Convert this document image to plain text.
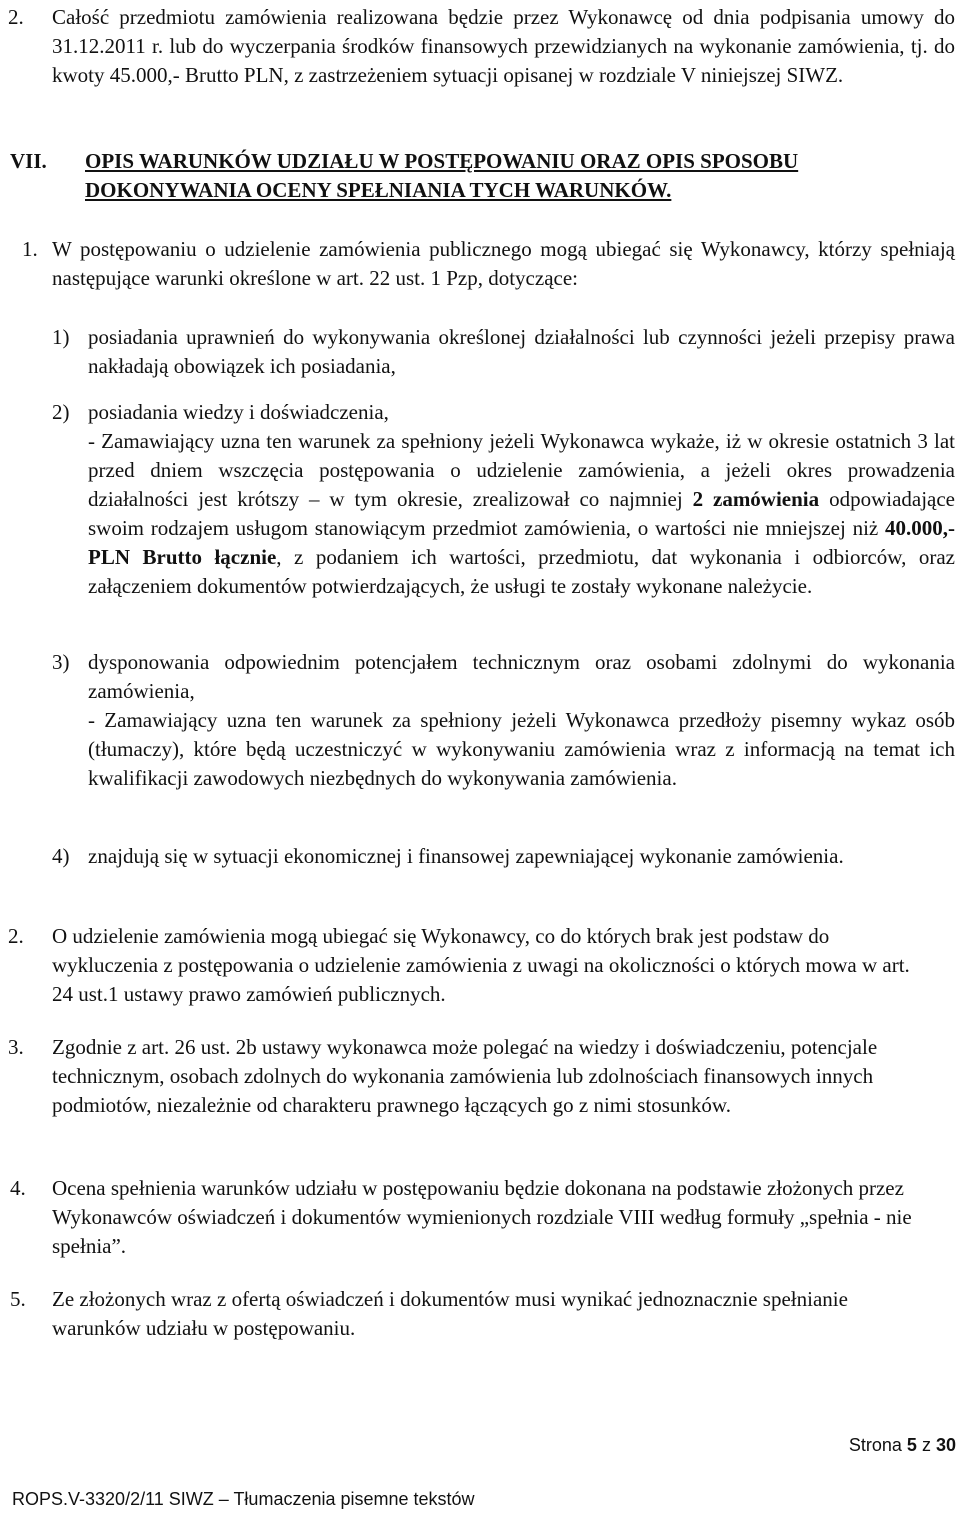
2. Całość przedmiotu zamówienia realizowana będzie przez Wykonawcę od dnia podpisania umowy do 31.12.2011 r. lub do wyczerpania środków finansowych przewidzianych na wykonanie zamówienia, tj. do kwoty 45.000,- Brutto PLN, z zastrzeżeniem sytuacji opisanej w rozdziale V niniejszej SIWZ.
VII. OPIS WARUNKÓW UDZIAŁU W POSTĘPOWANIU ORAZ OPIS SPOSOBU DOKONYWANIA OCENY SPEŁNIANIA TYCH WARUNKÓW.
1. W postępowaniu o udzielenie zamówienia publicznego mogą ubiegać się Wykonawcy, którzy spełniają następujące warunki określone w art. 22 ust. 1 Pzp, dotyczące:
1) posiadania uprawnień do wykonywania określonej działalności lub czynności jeżeli przepisy prawa nakładają obowiązek ich posiadania,
2) posiadania wiedzy i doświadczenia,
- Zamawiający uzna ten warunek za spełniony jeżeli Wykonawca wykaże, iż w okresie ostatnich 3 lat przed dniem wszczęcia postępowania o udzielenie zamówienia, a jeżeli okres prowadzenia działalności jest krótszy – w tym okresie, zrealizował co najmniej 2 zamówienia odpowiadające swoim rodzajem usługom stanowiącym przedmiot zamówienia, o wartości nie mniejszej niż 40.000,- PLN Brutto łącznie, z podaniem ich wartości, przedmiotu, dat wykonania i odbiorców, oraz załączeniem dokumentów potwierdzających, że usługi te zostały wykonane należycie.
3) dysponowania odpowiednim potencjałem technicznym oraz osobami zdolnymi do wykonania zamówienia,
- Zamawiający uzna ten warunek za spełniony jeżeli Wykonawca przedłoży pisemny wykaz osób (tłumaczy), które będą uczestniczyć w wykonywaniu zamówienia wraz z informacją na temat ich kwalifikacji zawodowych niezbędnych do wykonywania zamówienia.
4) znajdują się w sytuacji ekonomicznej i finansowej zapewniającej wykonanie zamówienia.
2. O udzielenie zamówienia mogą ubiegać się Wykonawcy, co do których brak jest podstaw do wykluczenia z postępowania o udzielenie zamówienia z uwagi na okoliczności o których mowa w art. 24 ust.1 ustawy prawo zamówień publicznych.
3. Zgodnie z art. 26 ust. 2b ustawy wykonawca może polegać na wiedzy i doświadczeniu, potencjale technicznym, osobach zdolnych do wykonania zamówienia lub zdolnościach finansowych innych podmiotów, niezależnie od charakteru prawnego łączących go z nimi stosunków.
4. Ocena spełnienia warunków udziału w postępowaniu będzie dokonana na podstawie złożonych przez Wykonawców oświadczeń i dokumentów wymienionych rozdziale VIII według formuły „spełnia - nie spełnia”.
5. Ze złożonych wraz z ofertą oświadczeń i dokumentów musi wynikać jednoznacznie spełnianie warunków udziału w postępowaniu.
Strona 5 z 30
ROPS.V-3320/2/11 SIWZ – Tłumaczenia pisemne tekstów
